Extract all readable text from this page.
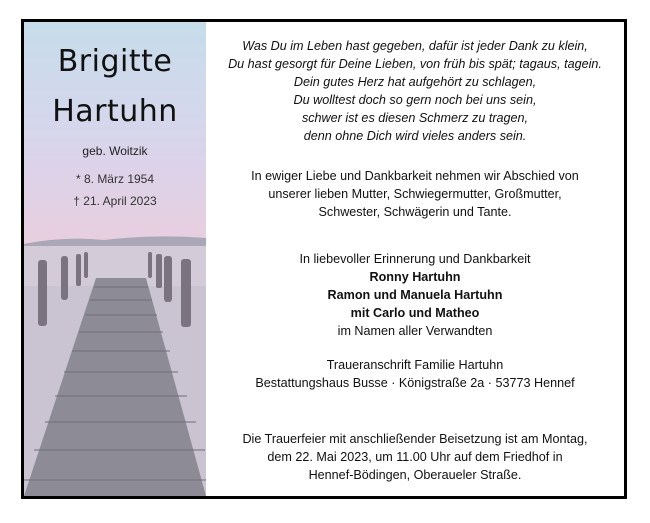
Brigitte
Hartuhn
geb. Woitzik
* 8. März 1954
† 21. April 2023
Was Du im Leben hast gegeben, dafür ist jeder Dank zu klein,
Du hast gesorgt für Deine Lieben, von früh bis spät; tagaus, tagein.
Dein gutes Herz hat aufgehört zu schlagen,
Du wolltest doch so gern noch bei uns sein,
schwer ist es diesen Schmerz zu tragen,
denn ohne Dich wird vieles anders sein.
In ewiger Liebe und Dankbarkeit nehmen wir Abschied von
unserer lieben Mutter, Schwiegermutter, Großmutter,
Schwester, Schwägerin und Tante.
In liebevoller Erinnerung und Dankbarkeit
Ronny Hartuhn
Ramon und Manuela Hartuhn
mit Carlo und Matheo
im Namen aller Verwandten
Traueranschrift Familie Hartuhn
Bestattungshaus Busse · Königstraße 2a · 53773 Hennef
Die Trauerfeier mit anschließender Beisetzung ist am Montag,
dem 22. Mai 2023, um 11.00 Uhr auf dem Friedhof in
Hennef-Bödingen, Oberaueler Straße.
